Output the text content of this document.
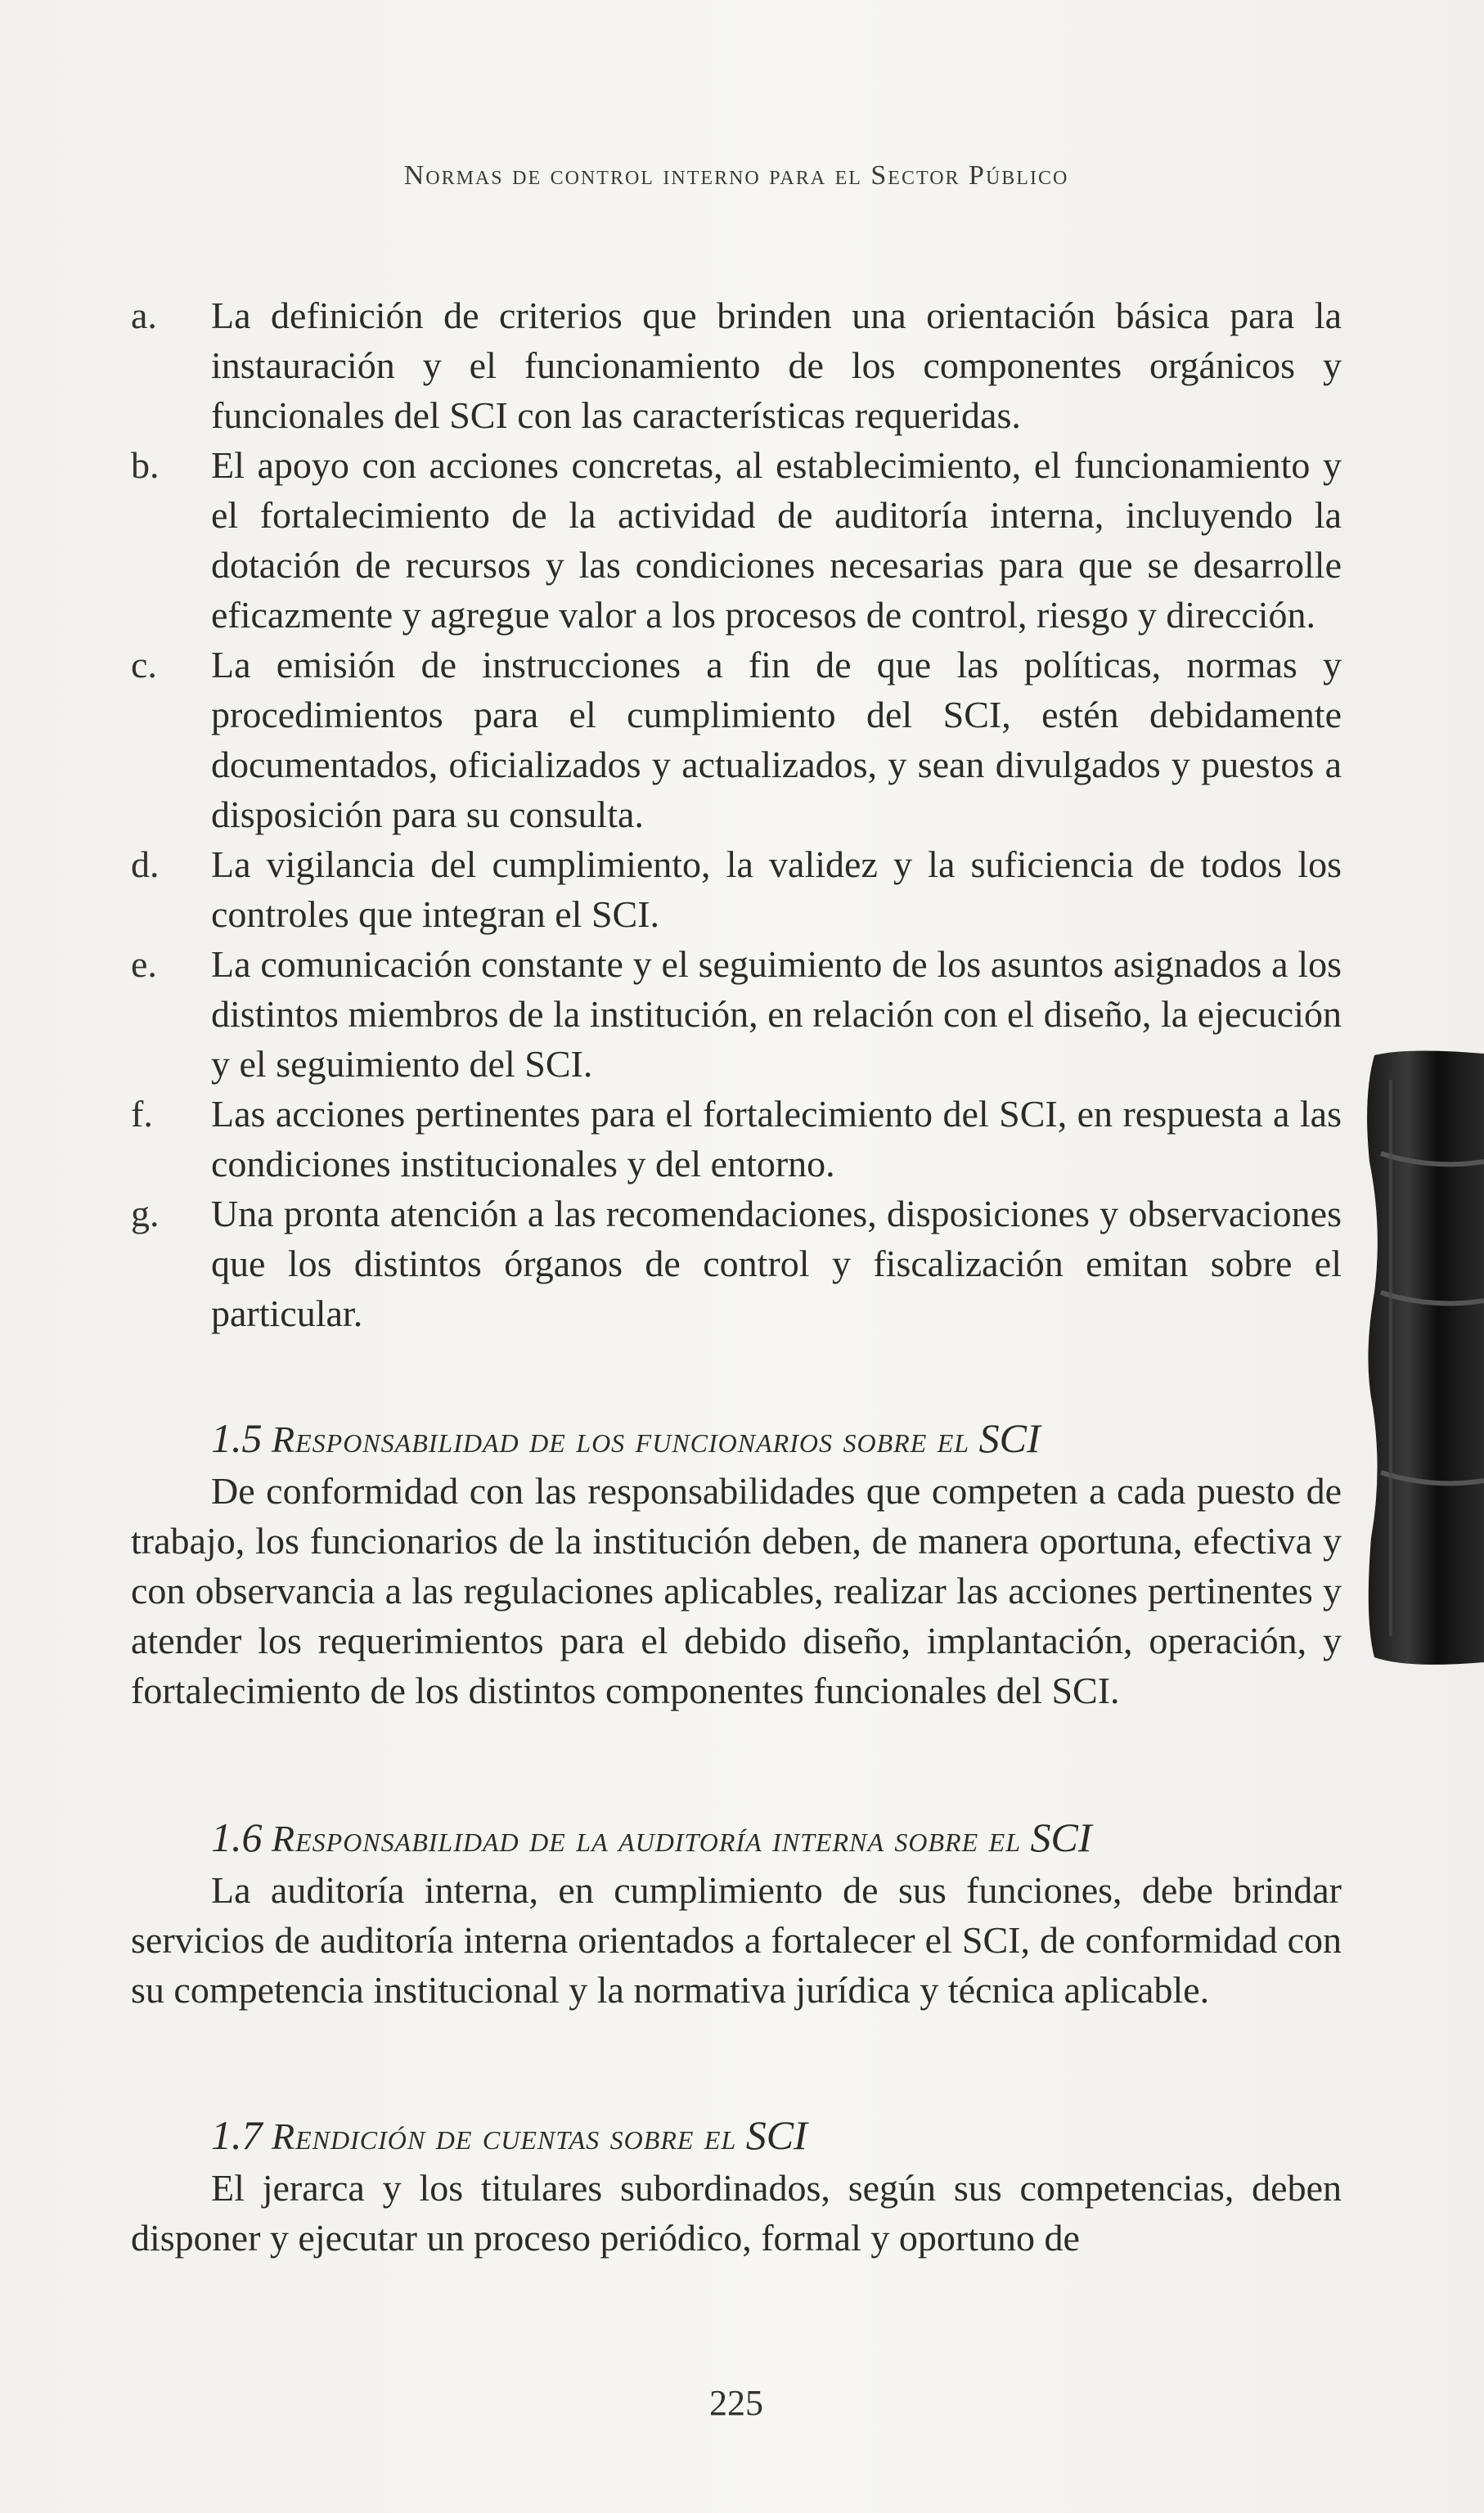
Normas de control interno para el Sector Público
a.	La definición de criterios que brinden una orientación básica para la instauración y el funcionamiento de los componentes orgánicos y funcionales del SCI con las características requeridas.
b.	El apoyo con acciones concretas, al establecimiento, el funcionamiento y el fortalecimiento de la actividad de auditoría interna, incluyendo la dotación de recursos y las condiciones necesarias para que se desarrolle eficazmente y agregue valor a los procesos de control, riesgo y dirección.
c.	La emisión de instrucciones a fin de que las políticas, normas y procedimientos para el cumplimiento del SCI, estén debidamente documentados, oficializados y actualizados, y sean divulgados y puestos a disposición para su consulta.
d.	La vigilancia del cumplimiento, la validez y la suficiencia de todos los controles que integran el SCI.
e.	La comunicación constante y el seguimiento de los asuntos asignados a los distintos miembros de la institución, en relación con el diseño, la ejecución y el seguimiento del SCI.
f.	Las acciones pertinentes para el fortalecimiento del SCI, en respuesta a las condiciones institucionales y del entorno.
g.	Una pronta atención a las recomendaciones, disposiciones y observaciones que los distintos órganos de control y fiscalización emitan sobre el particular.
1.5 Responsabilidad de los funcionarios sobre el SCI

De conformidad con las responsabilidades que competen a cada puesto de trabajo, los funcionarios de la institución deben, de manera oportuna, efectiva y con observancia a las regulaciones aplicables, realizar las acciones pertinentes y atender los requerimientos para el debido diseño, implantación, operación, y fortalecimiento de los distintos componentes funcionales del SCI.

1.6 Responsabilidad de la auditoría interna sobre el SCI

La auditoría interna, en cumplimiento de sus funciones, debe brindar servicios de auditoría interna orientados a fortalecer el SCI, de conformidad con su competencia institucional y la normativa jurídica y técnica aplicable.

1.7 Rendición de cuentas sobre el SCI

El jerarca y los titulares subordinados, según sus competencias, deben disponer y ejecutar un proceso periódico, formal y oportuno de

225
